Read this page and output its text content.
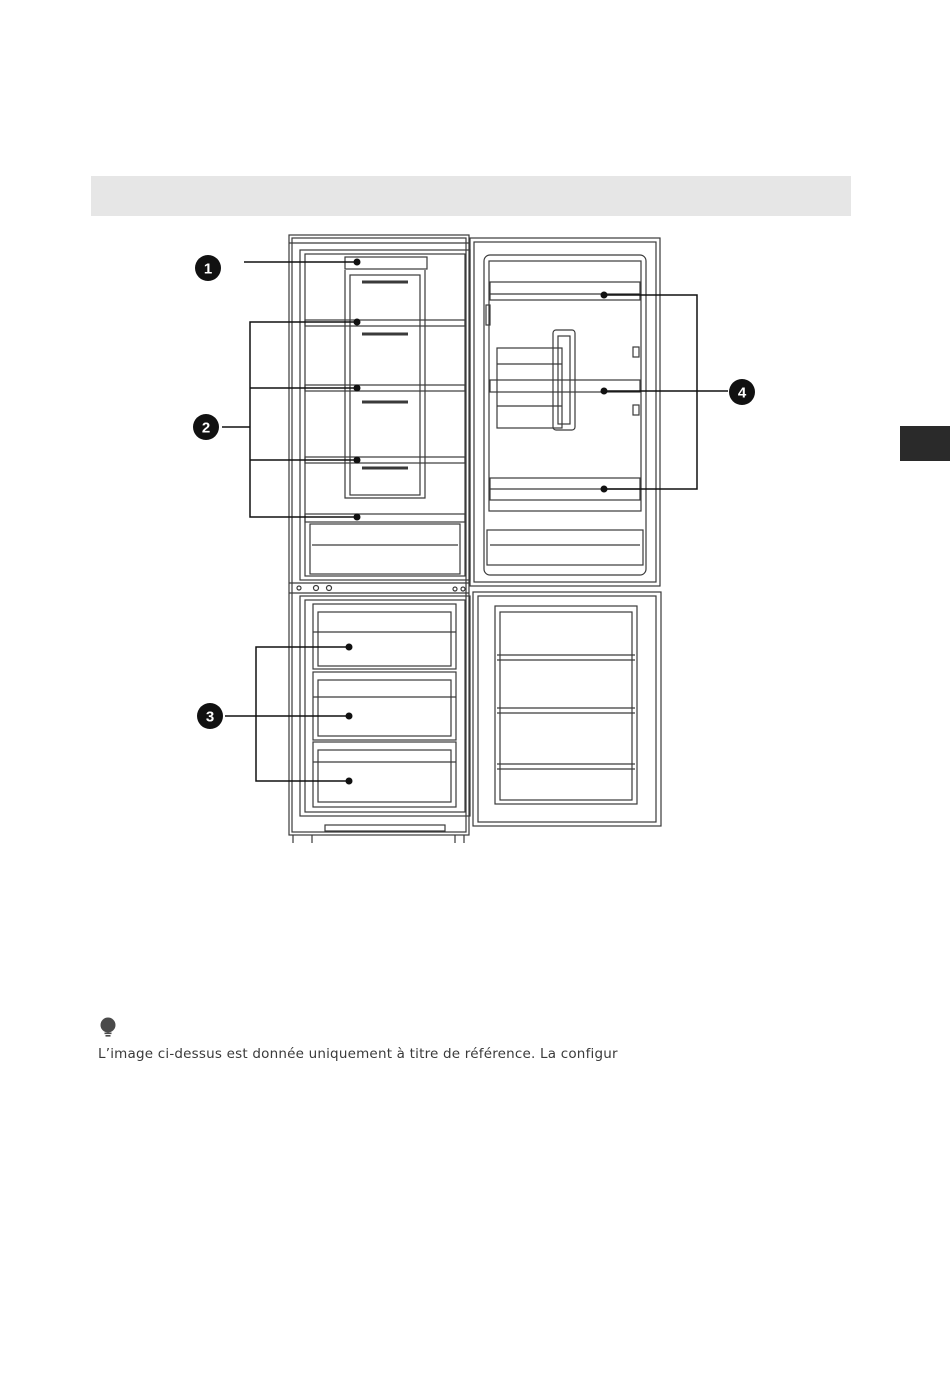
1
2
3
4
L’image ci-dessus est donnée uniquement à titre de référence. La configur
